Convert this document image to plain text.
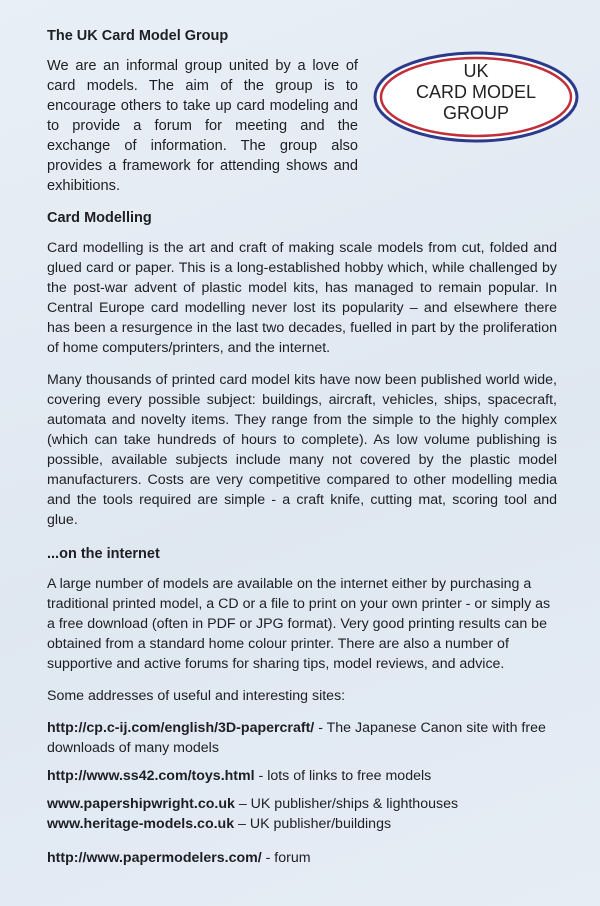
The UK Card Model Group

We are an informal group united by a love of card models. The aim of the group is to encourage others to take up card modeling and to provide a forum for meeting and the exchange of information. The group also provides a framework for attending shows and exhibitions.

UK
CARD MODEL
GROUP
Card Modelling

Card modelling is the art and craft of making scale models from cut, folded and glued card or paper. This is a long-established hobby which, while challenged by the post-war advent of plastic model kits, has managed to remain popular. In Central Europe card modelling never lost its popularity – and elsewhere there has been a resurgence in the last two decades, fuelled in part by the proliferation of home computers/printers, and the internet.

Many thousands of printed card model kits have now been published world wide, covering every possible subject: buildings, aircraft, vehicles, ships, spacecraft, automata and novelty items. They range from the simple to the highly complex (which can take hundreds of hours to complete). As low volume publishing is possible, available subjects include many not covered by the plastic model manufacturers. Costs are very competitive compared to other modelling media and the tools required are simple - a craft knife, cutting mat, scoring tool and glue.

...on the internet

A large number of models are available on the internet either by purchasing a traditional printed model, a CD or a file to print on your own printer - or simply as a free download (often in PDF or JPG format). Very good printing results can be obtained from a standard home colour printer. There are also a number of supportive and active forums for sharing tips, model reviews, and advice.

Some addresses of useful and interesting sites:

http://cp.c-ij.com/english/3D-papercraft/ - The Japanese Canon site with free downloads of many models

http://www.ss42.com/toys.html - lots of links to free models

www.papershipwright.co.uk – UK publisher/ships & lighthouses

www.heritage-models.co.uk – UK publisher/buildings

http://www.papermodelers.com/ - forum
